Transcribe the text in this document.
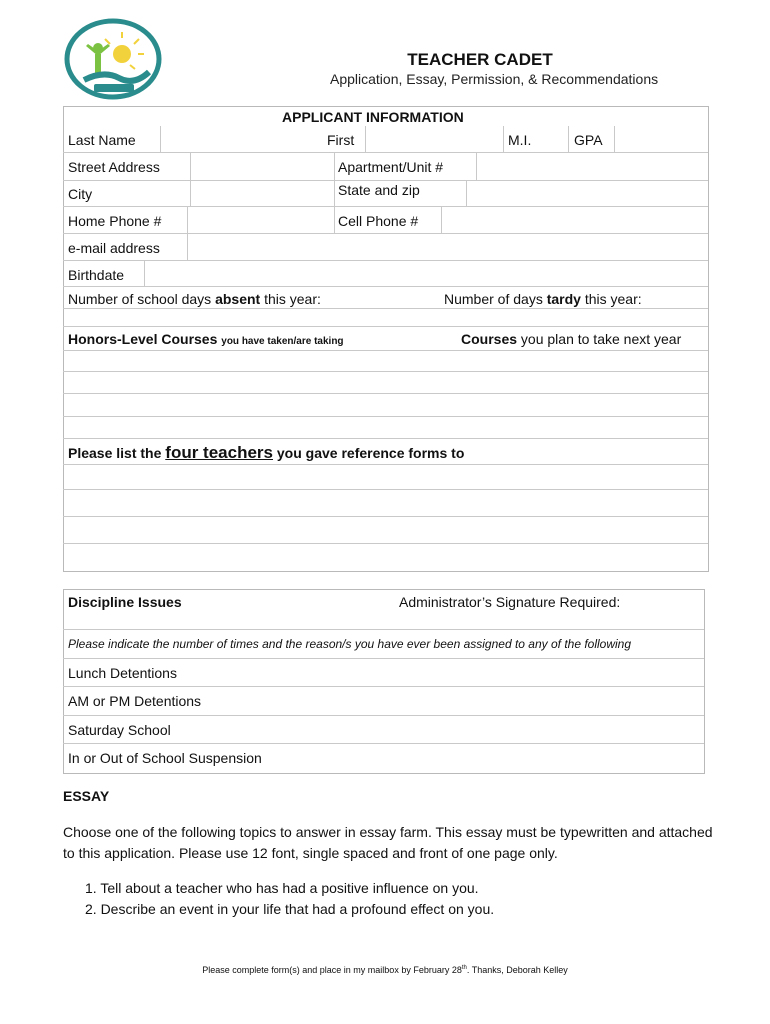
TEACHER CADET
Application, Essay, Permission, & Recommendations
APPLICANT INFORMATION
Last Name	First	M.I.	GPA
Street Address	Apartment/Unit #
City	State and zip
Home Phone #	Cell Phone #
e-mail address
Birthdate
Number of school days absent this year:	Number of days tardy this year:
Honors-Level Courses you have taken/are taking	Courses you plan to take next year
Please list the four teachers you gave reference forms to
Discipline Issues	Administrator’s Signature Required:
Please indicate the number of times and the reason/s you have ever been assigned to any of the following
Lunch Detentions
AM or PM Detentions
Saturday School
In or Out of School Suspension
ESSAY
Choose one of the following topics to answer in essay farm. This essay must be typewritten and attached to this application. Please use 12 font, single spaced and front of one page only.
1. Tell about a teacher who has had a positive influence on you.
2. Describe an event in your life that had a profound effect on you.
Please complete form(s) and place in my mailbox by February 28th. Thanks, Deborah Kelley
